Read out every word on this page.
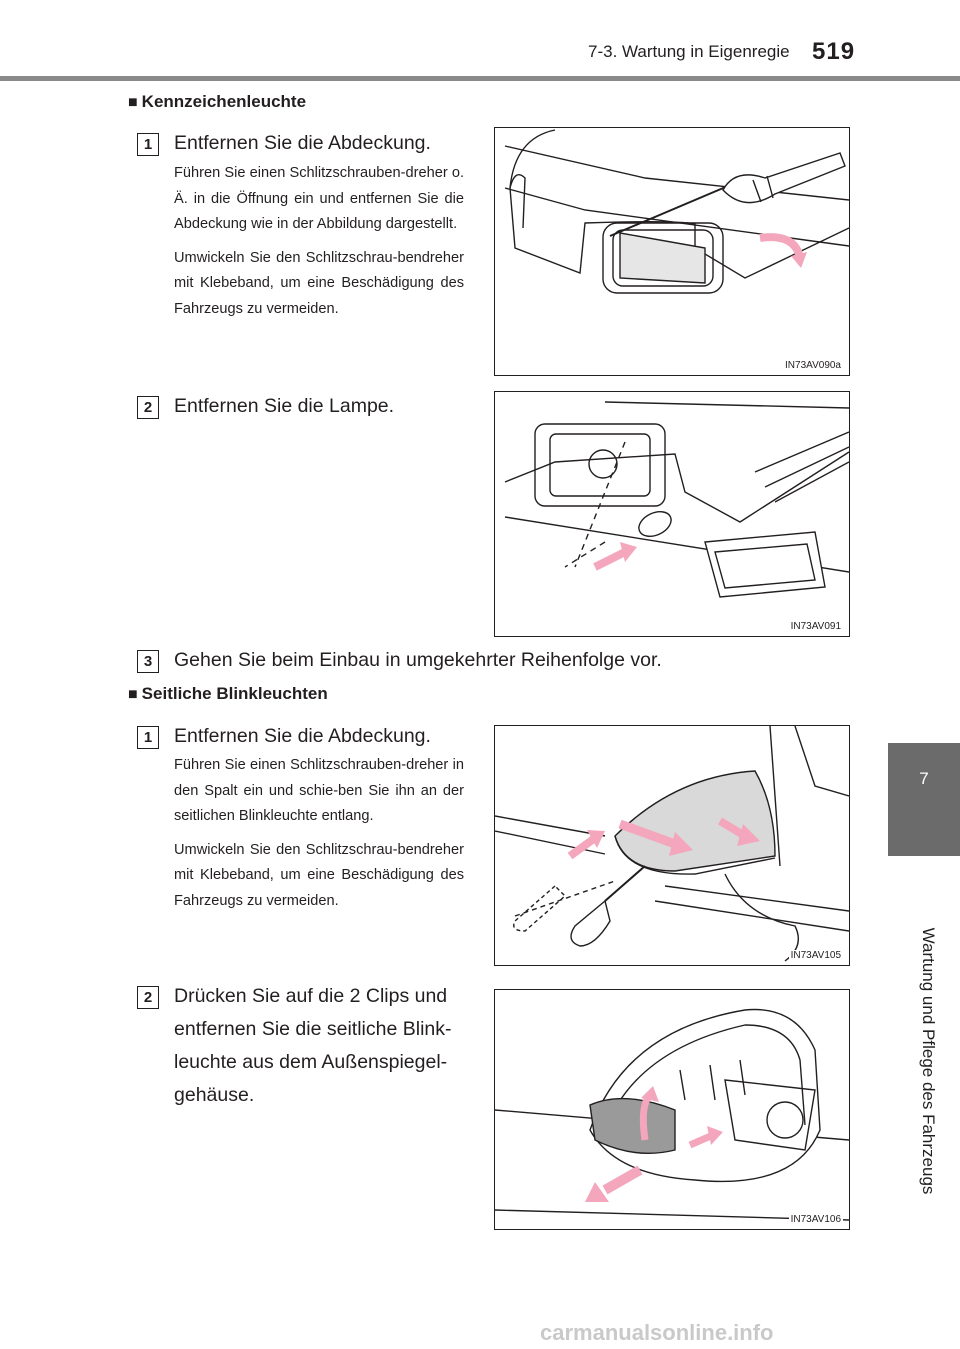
7-3. Wartung in Eigenregie 519
7
Wartung und Pflege des Fahrzeugs
■ Kennzeichenleuchte
1	Entfernen Sie die Abdeckung.

Führen Sie einen Schlitzschrauben-dreher o. Ä. in die Öffnung ein und entfernen Sie die Abdeckung wie in der Abbildung dargestellt.

Umwickeln Sie den Schlitzschrau-bendreher mit Klebeband, um eine Beschädigung des Fahrzeugs zu vermeiden.

IN73AV090a
2	Entfernen Sie die Lampe.
IN73AV091
3	Gehen Sie beim Einbau in umgekehrter Reihenfolge vor.
■ Seitliche Blinkleuchten
1	Entfernen Sie die Abdeckung.

Führen Sie einen Schlitzschrauben-dreher in den Spalt ein und schie-ben Sie ihn an der seitlichen Blinkleuchte entlang.

Umwickeln Sie den Schlitzschrau-bendreher mit Klebeband, um eine Beschädigung des Fahrzeugs zu vermeiden.

IN73AV105
2	Drücken Sie auf die 2 Clips und entfernen Sie die seitliche Blink-leuchte aus dem Außenspiegel-gehäuse.
IN73AV106
carmanualsonline.info
